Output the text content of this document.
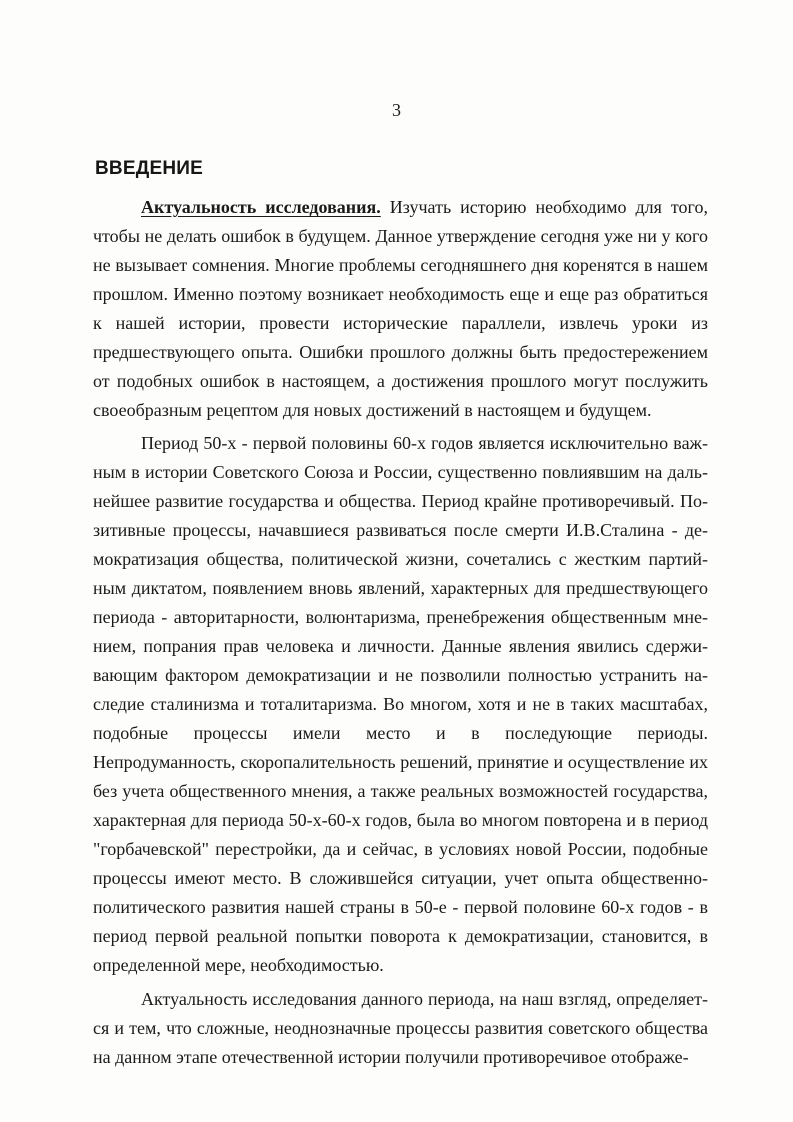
3
ВВЕДЕНИЕ

Актуальность исследования. Изучать историю необходимо для того, чтобы не делать ошибок в будущем. Данное утверждение сегодня уже ни у кого не вызывает сомнения. Многие проблемы сегодняшнего дня коренятся в нашем прошлом. Именно поэтому возникает необходимость еще и еще раз обратиться к нашей истории, провести исторические параллели, извлечь уроки из предшествующего опыта. Ошибки прошлого должны быть предостережением от подобных ошибок в настоящем, а достижения прошлого могут послужить своеобразным рецептом для новых достижений в настоящем и будущем.

Период 50-х - первой половины 60-х годов является исключительно важным в истории Советского Союза и России, существенно повлиявшим на дальнейшее развитие государства и общества. Период крайне противоречивый. Позитивные процессы, начавшиеся развиваться после смерти И.В.Сталина - демократизация общества, политической жизни, сочетались с жестким партийным диктатом, появлением вновь явлений, характерных для предшествующего периода - авторитарности, волюнтаризма, пренебрежения общественным мнением, попрания прав человека и личности. Данные явления явились сдерживающим фактором демократизации и не позволили полностью устранить наследие сталинизма и тоталитаризма. Во многом, хотя и не в таких масштабах, подобные процессы имели место и в последующие периоды. Непродуманность, скоропалительность решений, принятие и осуществление их без учета общественного мнения, а также реальных возможностей государства, характерная для периода 50-х-60-х годов, была во многом повторена и в период "горбачевской" перестройки, да и сейчас, в условиях новой России, подобные процессы имеют место. В сложившейся ситуации, учет опыта общественно-политического развития нашей страны в 50-е - первой половине 60-х годов - в период первой реальной попытки поворота к демократизации, становится, в определенной мере, необходимостью.

Актуальность исследования данного периода, на наш взгляд, определяется и тем, что сложные, неоднозначные процессы развития советского общества на данном этапе отечественной истории получили противоречивое отображе-
